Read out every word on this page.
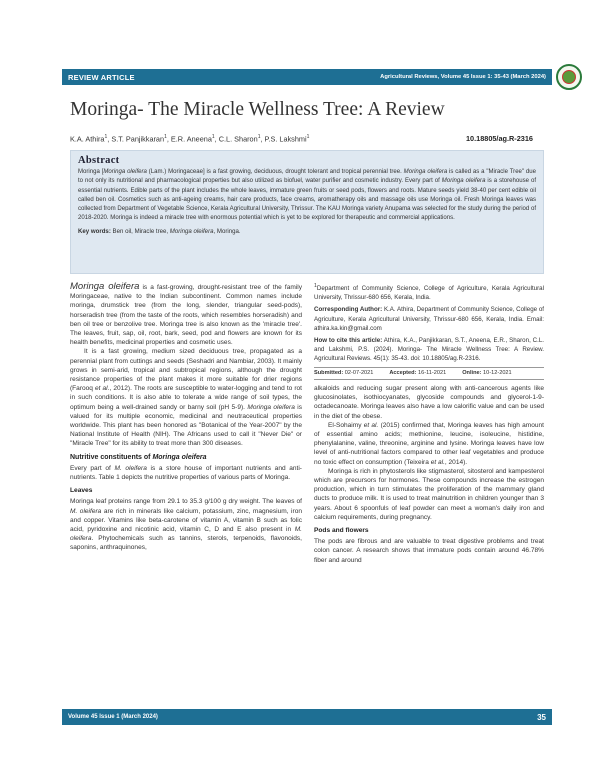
REVIEW ARTICLE	Agricultural Reviews, Volume 45 Issue 1: 35-43 (March 2024)
Moringa- The Miracle Wellness Tree: A Review
K.A. Athira$^1$, S.T. Panjikkaran$^1$, E.R. Aneena$^1$, C.L. Sharon$^1$, P.S. Lakshmi$^1$	10.18805/ag.R-2316
Abstract
Moringa [Moringa oleifera (Lam.) Moringaceae] is a fast growing, deciduous, drought tolerant and tropical perennial tree. Moringa oleifera is called as a "Miracle Tree" due to not only its nutritional and pharmacological properties but also utilized as biofuel, water purifier and cosmetic industry. Every part of Moringa oleifera is a storehouse of essential nutrients. Edible parts of the plant includes the whole leaves, immature green fruits or seed pods, flowers and roots. Mature seeds yield 38-40 per cent edible oil called ben oil. Cosmetics such as anti-ageing creams, hair care products, face creams, aromatherapy oils and massage oils use Moringa oil. Fresh Moringa leaves was collected from Department of Vegetable Science, Kerala Agricultural University, Thrissur. The KAU Moringa variety Anupama was selected for the study during the period of 2018-2020. Moringa is indeed a miracle tree with enormous potential which is yet to be explored for therapeutic and commercial applications.
Key words: Ben oil, Miracle tree, Moringa oleifera, Moringa.

Moringa oleifera is a fast-growing, drought-resistant tree of the family Moringaceae, native to the Indian subcontinent. Common names include moringa, drumstick tree (from the long, slender, triangular seed-pods), horseradish tree (from the taste of the roots, which resembles horseradish) and ben oil tree or benzolive tree. Moringa tree is also known as the 'miracle tree'. The leaves, fruit, sap, oil, root, bark, seed, pod and flowers are known for its health benefits, medicinal properties and cosmetic uses.

It is a fast growing, medium sized deciduous tree, propagated as a perennial plant from cuttings and seeds (Seshadri and Nambiar, 2003). It mainly grows in semi-arid, tropical and subtropical regions, although the drought resistance properties of the plant makes it more suitable for drier regions (Farooq et al., 2012). The roots are susceptible to water-logging and tend to rot in such conditions. It is also able to tolerate a wide range of soil types, the optimum being a well-drained sandy or barny soil (pH 5-9). Moringa oleifera is valued for its multiple economic, medicinal and neutraceutical properties worldwide. This plant has been honored as "Botanical of the Year-2007" by the National Institute of Health (NIH). The Africans used to call it "Never Die" or "Miracle Tree" for its ability to treat more than 300 diseases.

Nutritive constituents of Moringa oleifera

Every part of M. oleifera is a store house of important nutrients and anti-nutrients. Table 1 depicts the nutritive properties of various parts of Moringa.

Leaves

Moringa leaf proteins range from 29.1 to 35.3 g/100 g dry weight. The leaves of M. oleifera are rich in minerals like calcium, potassium, zinc, magnesium, iron and copper. Vitamins like beta-carotene of vitamin A, vitamin B such as folic acid, pyridoxine and nicotinic acid, vitamin C, D and E also present in M. oleifera. Phytochemicals such as tannins, sterols, terpenoids, flavonoids, saponins, anthraquinones,

$^1$Department of Community Science, College of Agriculture, Kerala Agricultural University, Thrissur-680 656, Kerala, India.

Corresponding Author: K.A. Athira, Department of Community Science, College of Agriculture, Kerala Agricultural University, Thrissur-680 656, Kerala, India. Email: athira.ka.kin@gmail.com

How to cite this article: Athira, K.A., Panjikkaran, S.T., Aneena, E.R., Sharon, C.L. and Lakshmi, P.S. (2024). Moringa- The Miracle Wellness Tree: A Review. Agricultural Reviews. 45(1): 35-43. doi: 10.18805/ag.R-2316.

Submitted: 02-07-2021	Accepted: 16-11-2021	Online: 10-12-2021

alkaloids and reducing sugar present along with anti-cancerous agents like glucosinolates, isothiocyanates, glycoside compounds and glycerol-1-9-octadecanoate. Moringa leaves also have a low calorific value and can be used in the diet of the obese.

El-Sohaimy et al. (2015) confirmed that, Moringa leaves has high amount of essential amino acids; methionine, leucine, isoleucine, histidine, phenylalanine, valine, threonine, arginine and lysine. Moringa leaves have low level of anti-nutritional factors compared to other leaf vegetables and produce no toxic effect on consumption (Teixeira et al., 2014).

Moringa is rich in phytosterols like stigmasterol, sitosterol and kampesterol which are precursors for hormones. These compounds increase the estrogen production, which in turn stimulates the proliferation of the mammary gland ducts to produce milk. It is used to treat malnutrition in children younger than 3 years. About 6 spoonfuls of leaf powder can meet a woman's daily iron and calcium requirements, during pregnancy.

Pods and flowers

The pods are fibrous and are valuable to treat digestive problems and treat colon cancer. A research shows that immature pods contain around 46.78% fiber and around

Volume 45 Issue 1 (March 2024)	35
